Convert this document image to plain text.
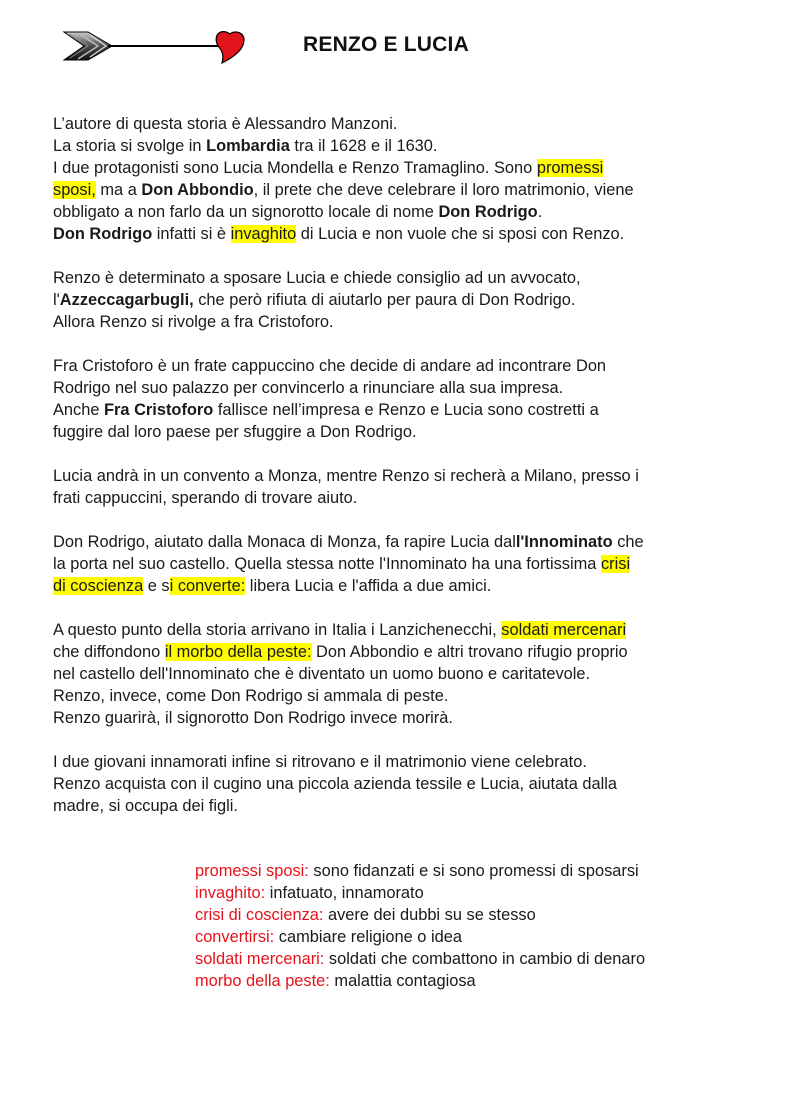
RENZO E LUCIA

L’autore di questa storia è Alessandro Manzoni.
La storia si svolge in Lombardia tra il 1628 e il 1630.
I due protagonisti sono Lucia Mondella e Renzo Tramaglino. Sono promessi
sposi, ma a Don Abbondio, il prete che deve celebrare il loro matrimonio, viene
obbligato a non farlo da un signorotto locale di nome Don Rodrigo.
Don Rodrigo infatti si è invaghito di Lucia e non vuole che si sposi con Renzo.

Renzo è determinato a sposare Lucia e chiede consiglio ad un avvocato,
l'Azzeccagarbugli, che però rifiuta di aiutarlo per paura di Don Rodrigo.
Allora Renzo si rivolge a fra Cristoforo.

Fra Cristoforo è un frate cappuccino che decide di andare ad incontrare Don
Rodrigo nel suo palazzo per convincerlo a rinunciare alla sua impresa.
Anche Fra Cristoforo fallisce nell’impresa e Renzo e Lucia sono costretti a
fuggire dal loro paese per sfuggire a Don Rodrigo.

Lucia andrà in un convento a Monza, mentre Renzo si recherà a Milano, presso i
frati cappuccini, sperando di trovare aiuto.

Don Rodrigo, aiutato dalla Monaca di Monza, fa rapire Lucia dall'Innominato che
la porta nel suo castello. Quella stessa notte l'Innominato ha una fortissima crisi
di coscienza e si converte: libera Lucia e l'affida a due amici.

A questo punto della storia arrivano in Italia i Lanzichenecchi, soldati mercenari
che diffondono il morbo della peste: Don Abbondio e altri trovano rifugio proprio
nel castello dell'Innominato che è diventato un uomo buono e caritatevole.
Renzo, invece, come Don Rodrigo si ammala di peste.
Renzo guarirà, il signorotto Don Rodrigo invece morirà.

I due giovani innamorati infine si ritrovano e il matrimonio viene celebrato.
Renzo acquista con il cugino una piccola azienda tessile e Lucia, aiutata dalla
madre, si occupa dei figli.

promessi sposi: sono fidanzati e si sono promessi di sposarsi
invaghito: infatuato, innamorato
crisi di coscienza: avere dei dubbi su se stesso
convertirsi: cambiare religione o idea
soldati mercenari: soldati che combattono in cambio di denaro
morbo della peste: malattia contagiosa
